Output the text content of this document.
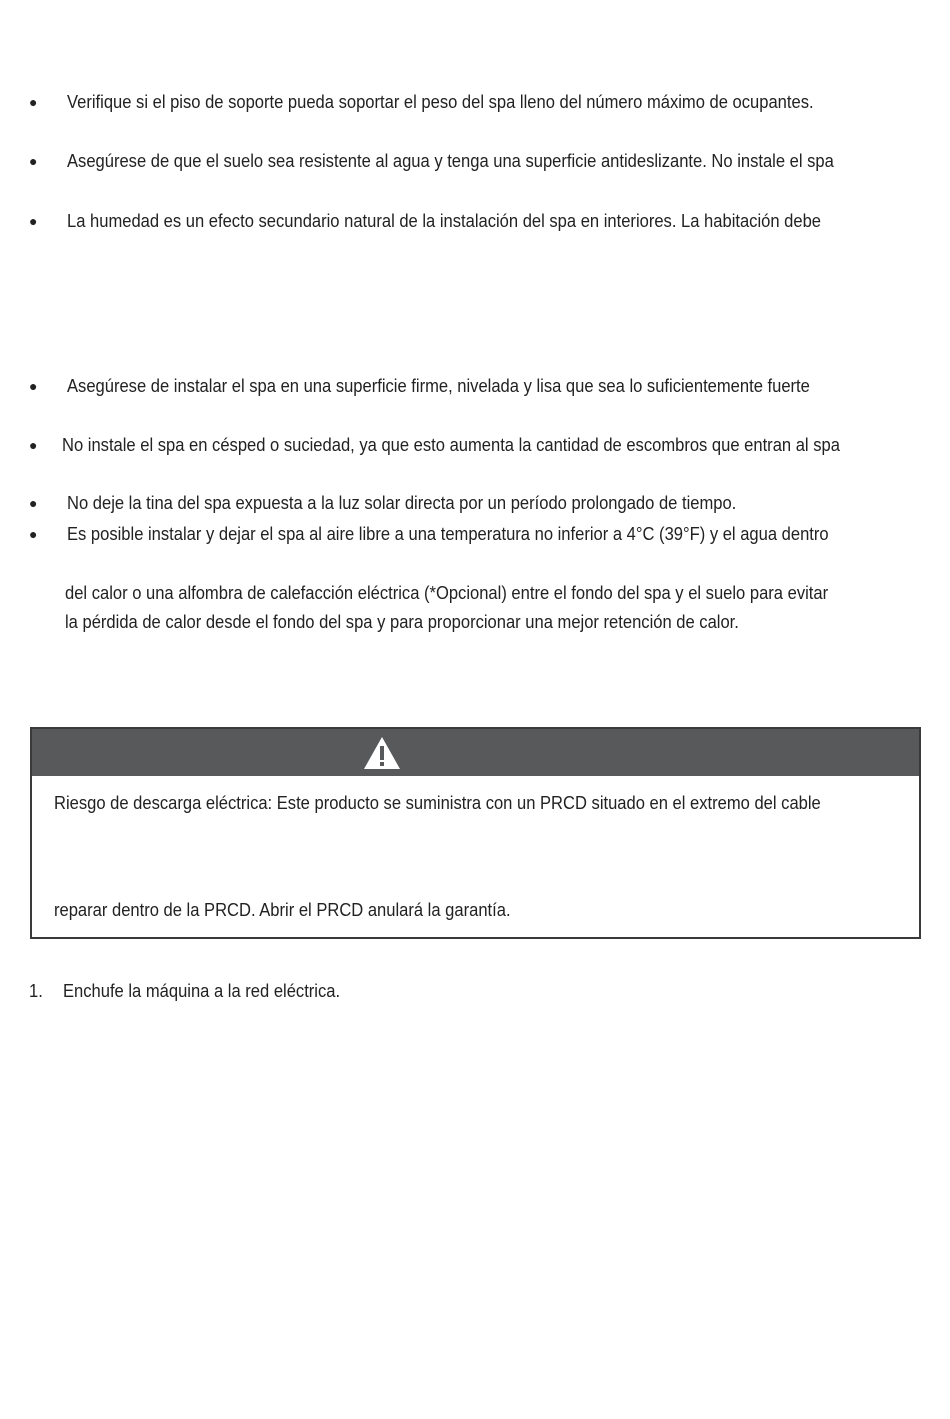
● Verifique si el piso de soporte pueda soportar el peso del spa lleno del número máximo de ocupantes.
● Asegúrese de que el suelo sea resistente al agua y tenga una superficie antideslizante. No instale el spa
● La humedad es un efecto secundario natural de la instalación del spa en interiores. La habitación debe
● Asegúrese de instalar el spa en una superficie firme, nivelada y lisa que sea lo suficientemente fuerte
● No instale el spa en césped o suciedad, ya que esto aumenta la cantidad de escombros que entran al spa
● No deje la tina del spa expuesta a la luz solar directa por un período prolongado de tiempo.
● Es posible instalar y dejar el spa al aire libre a una temperatura no inferior a 4°C (39°F) y el agua dentro
del calor o una alfombra de calefacción eléctrica (*Opcional) entre el fondo del spa y el suelo para evitar
la pérdida de calor desde el fondo del spa y para proporcionar una mejor retención de calor.
Riesgo de descarga eléctrica: Este producto se suministra con un PRCD situado en el extremo del cable
reparar dentro de la PRCD. Abrir el PRCD anulará la garantía.
1. Enchufe la máquina a la red eléctrica.
